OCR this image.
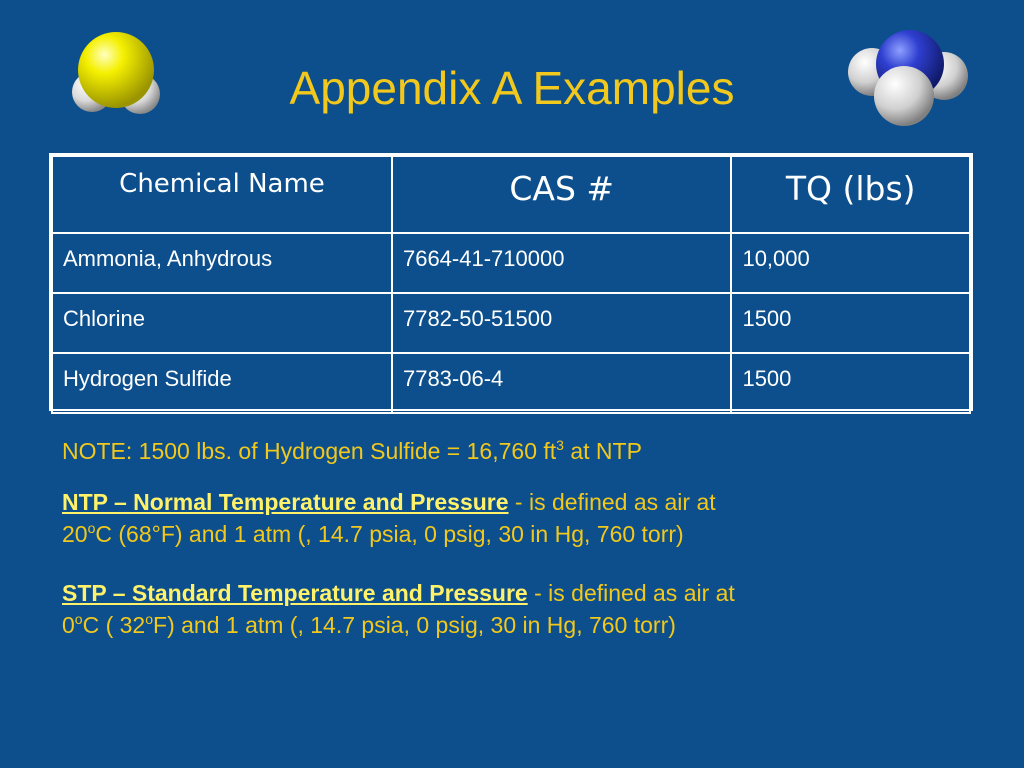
Appendix A Examples
Chemical Name	CAS #	TQ (lbs)
Ammonia, Anhydrous	7664-41-710000	10,000
Chlorine	7782-50-51500	1500
Hydrogen Sulfide	7783-06-4	1500
NOTE: 1500 lbs. of Hydrogen Sulfide = 16,760 $ft^3$ at NTP
NTP – Normal Temperature and Pressure - is defined as air at
20$^o$C (68°F) and 1 atm (, 14.7 psia, 0 psig, 30 in Hg, 760 torr)
STP – Standard Temperature and Pressure - is defined as air at
0$^o$C ( 32$^o$F) and 1 atm (, 14.7 psia, 0 psig, 30 in Hg, 760 torr)
